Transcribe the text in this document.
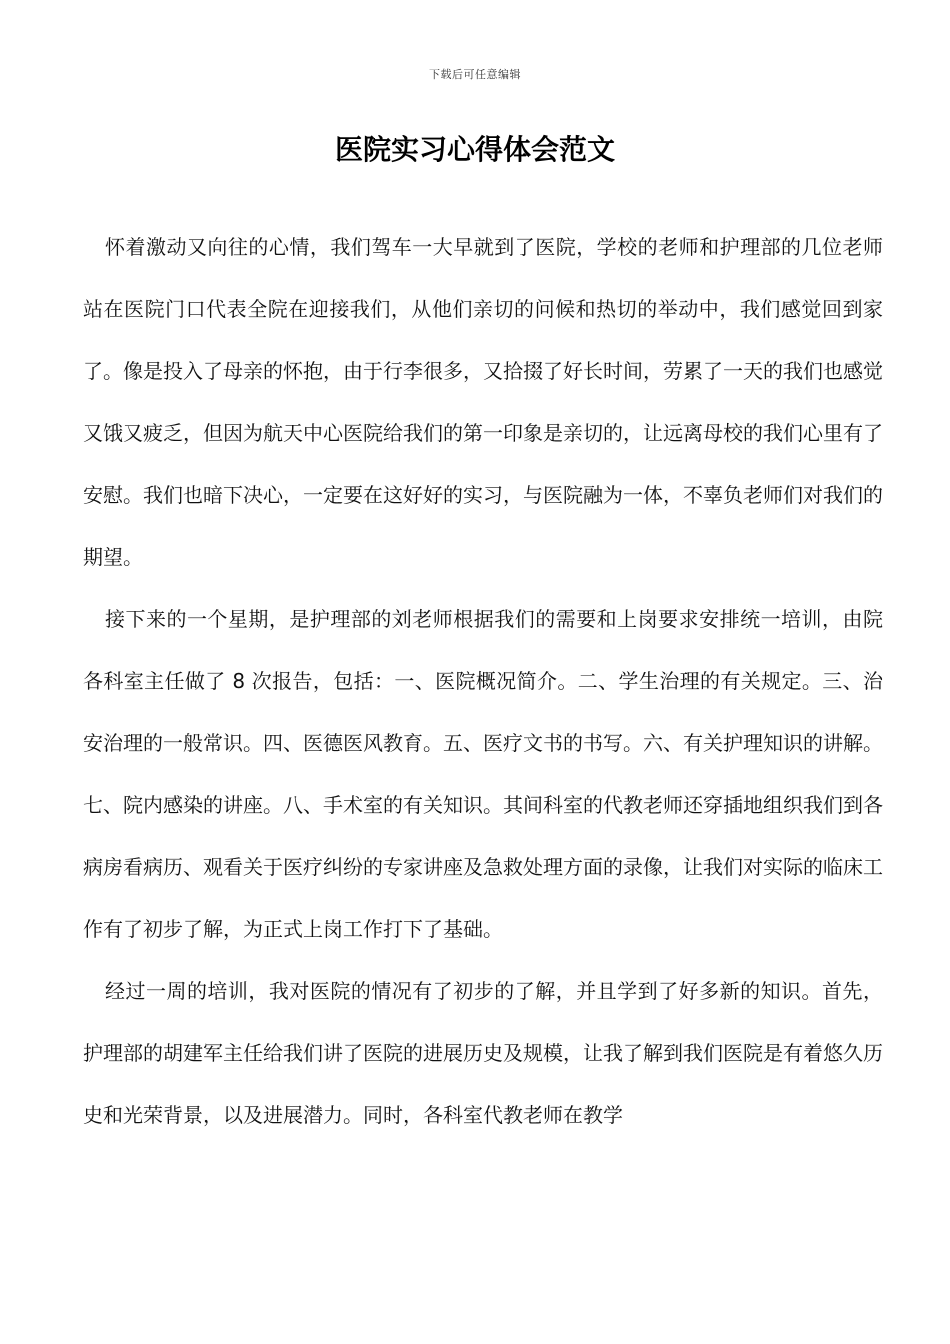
下载后可任意编辑
医院实习心得体会范文

怀着激动又向往的心情，我们驾车一大早就到了医院，学校的老师和护理部的几位老师站在医院门口代表全院在迎接我们，从他们亲切的问候和热切的举动中，我们感觉回到家了。像是投入了母亲的怀抱，由于行李很多，又拾掇了好长时间，劳累了一天的我们也感觉又饿又疲乏，但因为航天中心医院给我们的第一印象是亲切的，让远离母校的我们心里有了安慰。我们也暗下决心，一定要在这好好的实习，与医院融为一体，不辜负老师们对我们的期望。

接下来的一个星期，是护理部的刘老师根据我们的需要和上岗要求安排统一培训，由院各科室主任做了 8 次报告，包括：一、医院概况简介。二、学生治理的有关规定。三、治安治理的一般常识。四、医德医风教育。五、医疗文书的书写。六、有关护理知识的讲解。七、院内感染的讲座。八、手术室的有关知识。其间科室的代教老师还穿插地组织我们到各病房看病历、观看关于医疗纠纷的专家讲座及急救处理方面的录像，让我们对实际的临床工作有了初步了解，为正式上岗工作打下了基础。

经过一周的培训，我对医院的情况有了初步的了解，并且学到了好多新的知识。首先，护理部的胡建军主任给我们讲了医院的进展历史及规模，让我了解到我们医院是有着悠久历史和光荣背景，以及进展潜力。同时，各科室代教老师在教学
